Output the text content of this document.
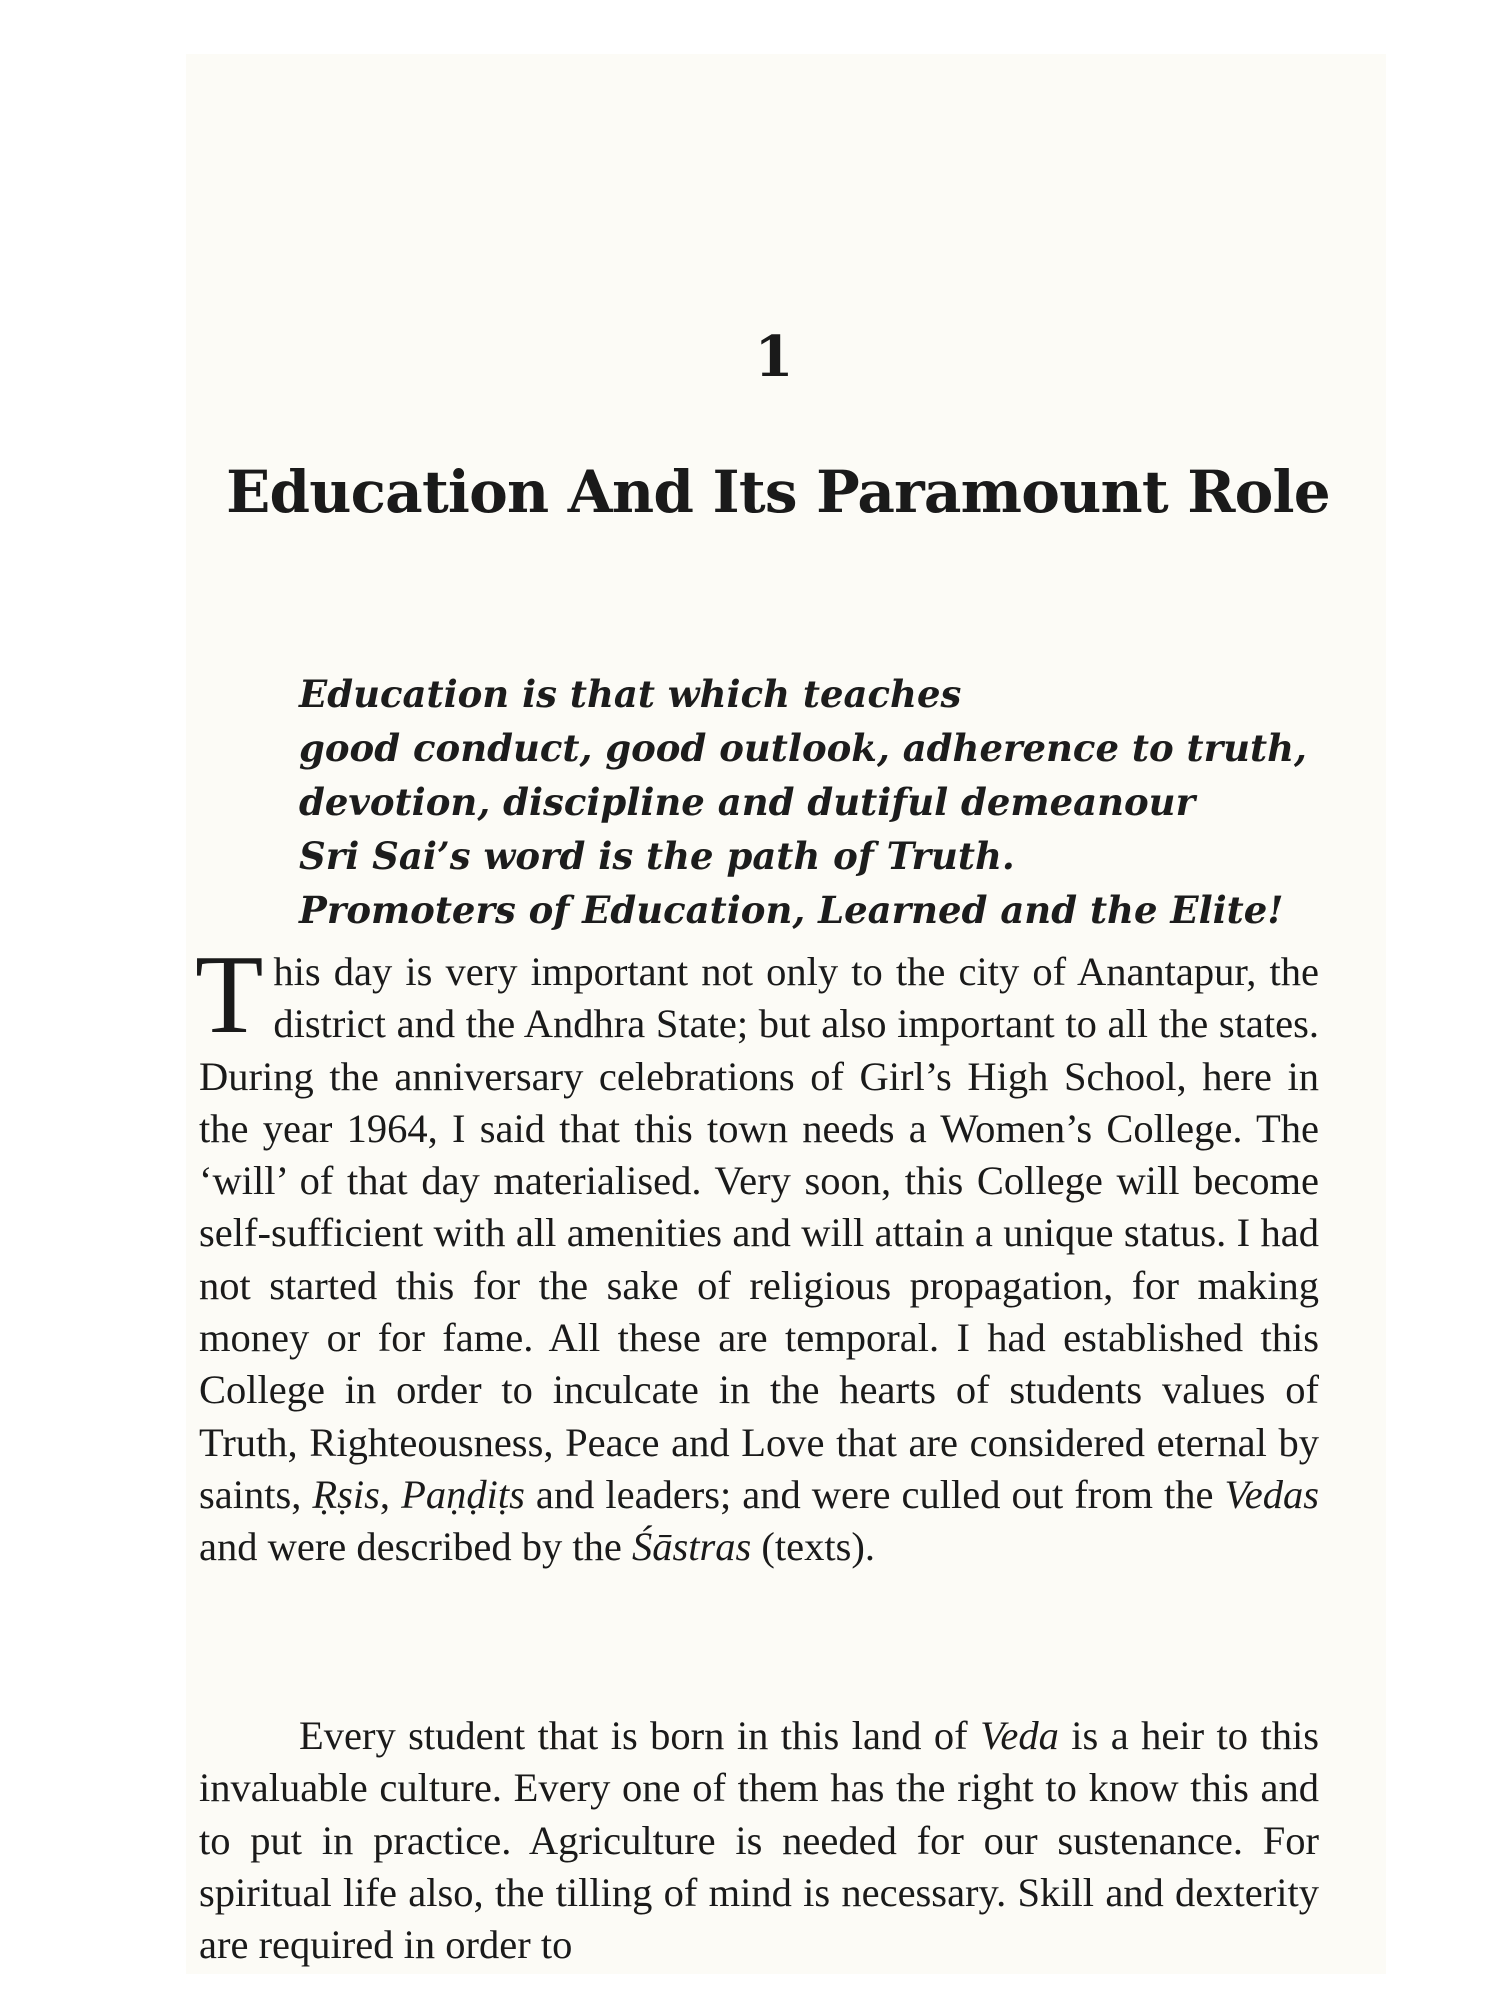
1
Education And Its Paramount Role
Education is that which teaches
good conduct, good outlook, adherence to truth,
devotion, discipline and dutiful demeanour
Sri Sai’s word is the path of Truth.
Promoters of Education, Learned and the Elite!

This day is very important not only to the city of Anantapur, the district and the Andhra State; but also important to all the states. During the anniversary celebrations of Girl’s High School, here in the year 1964, I said that this town needs a Women’s College. The ‘will’ of that day materialised. Very soon, this College will become self-sufficient with all amenities and will attain a unique status. I had not started this for the sake of religious propagation, for making money or for fame. All these are temporal. I had established this College in order to inculcate in the hearts of students values of Truth, Righteousness, Peace and Love that are considered eternal by saints, Ṛṣis, Paṇḍiṭs and leaders; and were culled out from the Vedas and were described by the Śāstras (texts).

Every student that is born in this land of Veda is a heir to this invaluable culture. Every one of them has the right to know this and to put in practice. Agriculture is needed for our sustenance. For spiritual life also, the tilling of mind is necessary. Skill and dexterity are required in order to
